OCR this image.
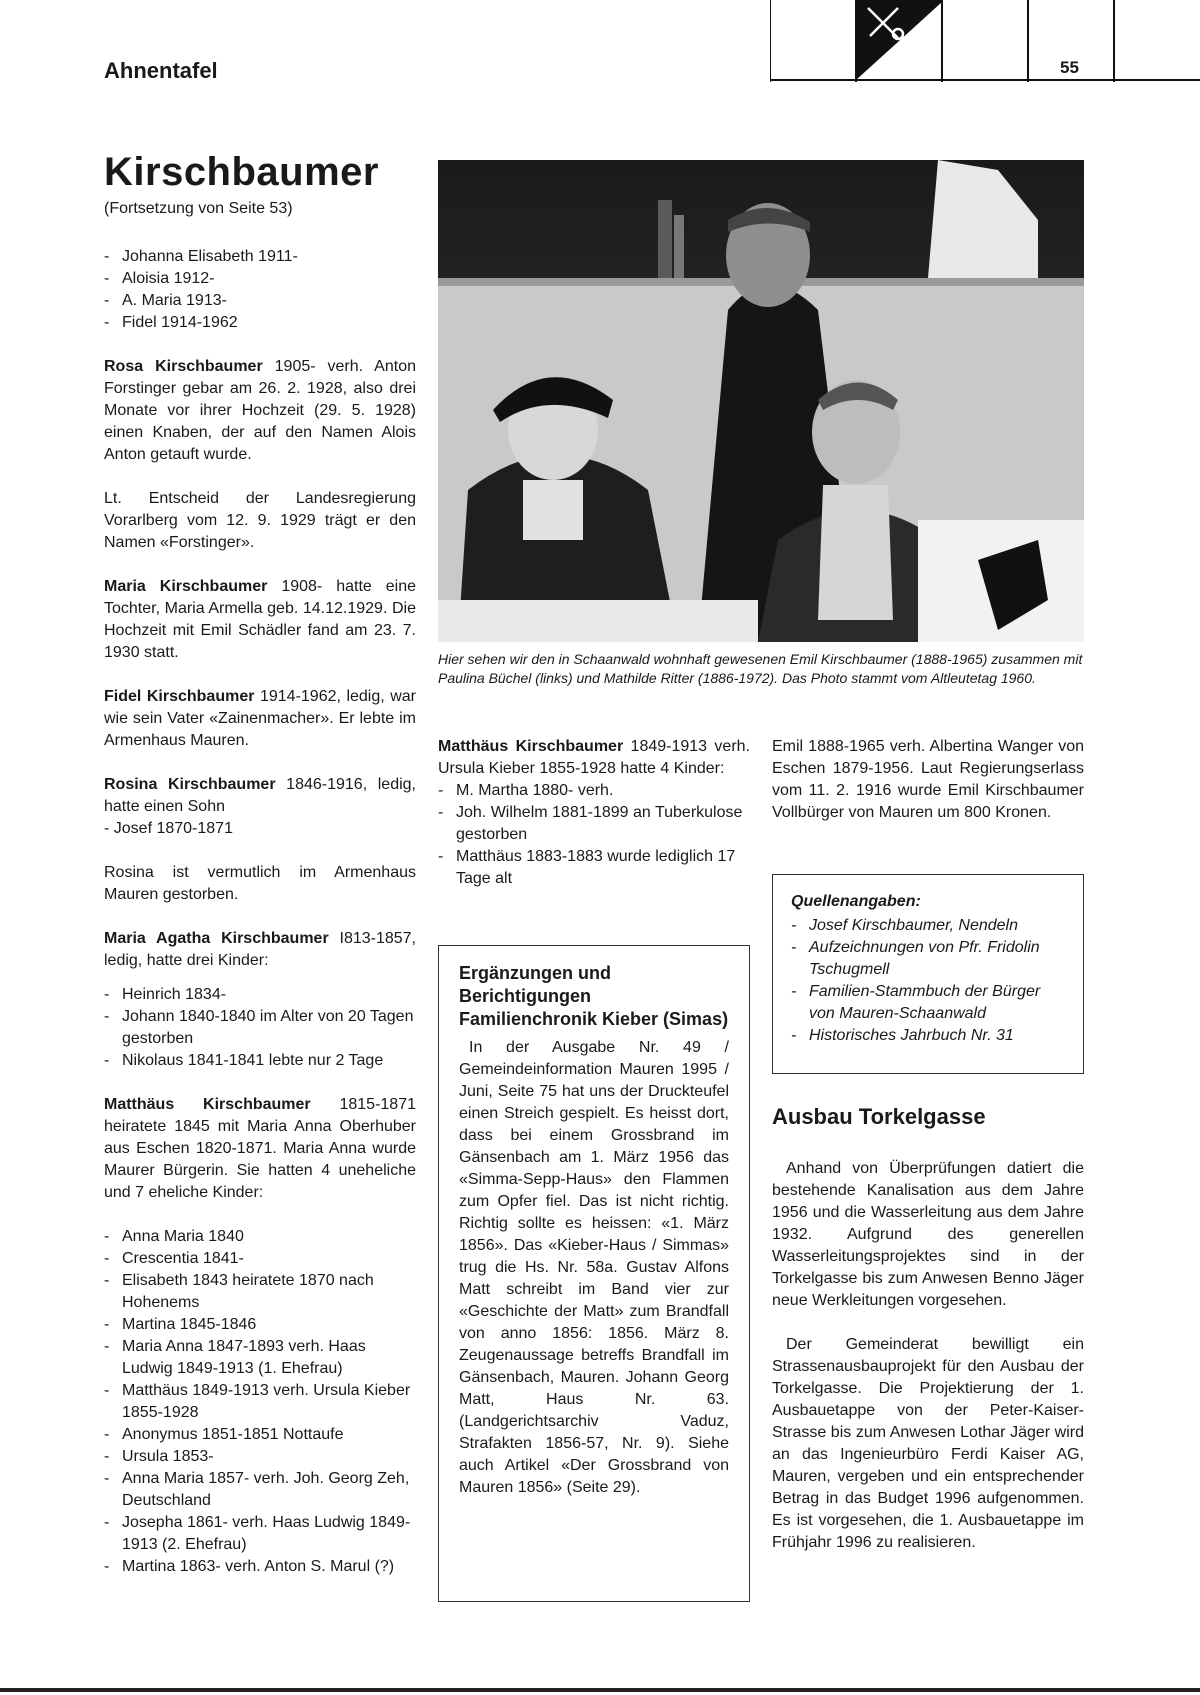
Ahnentafel	55
Kirschbaumer
(Fortsetzung von Seite 53)
- Johanna Elisabeth 1911-
- Aloisia 1912-
- A. Maria 1913-
- Fidel 1914-1962

Rosa Kirschbaumer 1905- verh. Anton Forstinger gebar am 26. 2. 1928, also drei Monate vor ihrer Hochzeit (29. 5. 1928) einen Knaben, der auf den Namen Alois Anton getauft wurde.

Lt. Entscheid der Landesregierung Vorarlberg vom 12. 9. 1929 trägt er den Namen «Forstinger».

Maria Kirschbaumer 1908- hatte eine Tochter, Maria Armella geb. 14.12.1929. Die Hochzeit mit Emil Schädler fand am 23. 7. 1930 statt.

Fidel Kirschbaumer 1914-1962, ledig, war wie sein Vater «Zainenmacher». Er lebte im Armenhaus Mauren.

Rosina Kirschbaumer 1846-1916, ledig, hatte einen Sohn
- Josef 1870-1871

Rosina ist vermutlich im Armenhaus Mauren gestorben.

Maria Agatha Kirschbaumer I813-1857, ledig, hatte drei Kinder:

- Heinrich 1834-
- Johann 1840-1840 im Alter von 20 Tagen gestorben
- Nikolaus 1841-1841 lebte nur 2 Tage

Matthäus Kirschbaumer 1815-1871 heiratete 1845 mit Maria Anna Oberhuber aus Eschen 1820-1871. Maria Anna wurde Maurer Bürgerin. Sie hatten 4 uneheliche und 7 eheliche Kinder:

- Anna Maria 1840
- Crescentia 1841-
- Elisabeth 1843 heiratete 1870 nach Hohenems
- Martina 1845-1846
- Maria Anna 1847-1893 verh. Haas Ludwig 1849-1913 (1. Ehefrau)
- Matthäus 1849-1913 verh. Ursula Kieber 1855-1928
- Anonymus 1851-1851 Nottaufe
- Ursula 1853-
- Anna Maria 1857- verh. Joh. Georg Zeh, Deutschland
- Josepha 1861- verh. Haas Ludwig 1849-1913 (2. Ehefrau)
- Martina 1863- verh. Anton S. Marul (?)
Hier sehen wir den in Schaanwald wohnhaft gewesenen Emil Kirschbaumer (1888-1965) zusammen mit Paulina Büchel (links) und Mathilde Ritter (1886-1972). Das Photo stammt vom Altleutetag 1960.

Matthäus Kirschbaumer 1849-1913 verh. Ursula Kieber 1855-1928 hatte 4 Kinder:

- M. Martha 1880- verh.
- Joh. Wilhelm 1881-1899 an Tuberkulose gestorben
- Matthäus 1883-1883 wurde lediglich 17 Tage alt
Ergänzungen und Berichtigungen Familienchronik Kieber (Simas)

In der Ausgabe Nr. 49 / Gemeindeinformation Mauren 1995 / Juni, Seite 75 hat uns der Druckteufel einen Streich gespielt. Es heisst dort, dass bei einem Grossbrand im Gänsenbach am 1. März 1956 das «Simma-Sepp-Haus» den Flammen zum Opfer fiel. Das ist nicht richtig. Richtig sollte es heissen: «1. März 1856». Das «Kieber-Haus / Simmas» trug die Hs. Nr. 58a. Gustav Alfons Matt schreibt im Band vier zur «Geschichte der Matt» zum Brandfall von anno 1856: 1856. März 8. Zeugenaussage betreffs Brandfall im Gänsenbach, Mauren. Johann Georg Matt, Haus Nr. 63. (Landgerichtsarchiv Vaduz, Strafakten 1856-57, Nr. 9). Siehe auch Artikel «Der Grossbrand von Mauren 1856» (Seite 29).

Emil 1888-1965 verh. Albertina Wanger von Eschen 1879-1956. Laut Regierungserlass vom 11. 2. 1916 wurde Emil Kirschbaumer Vollbürger von Mauren um 800 Kronen.

Quellenangaben:
- Josef Kirschbaumer, Nendeln
- Aufzeichnungen von Pfr. Fridolin Tschugmell
- Familien-Stammbuch der Bürger von Mauren-Schaanwald
- Historisches Jahrbuch Nr. 31
Ausbau Torkelgasse

Anhand von Überprüfungen datiert die bestehende Kanalisation aus dem Jahre 1956 und die Wasserleitung aus dem Jahre 1932. Aufgrund des generellen Wasserleitungsprojektes sind in der Torkelgasse bis zum Anwesen Benno Jäger neue Werkleitungen vorgesehen.

Der Gemeinderat bewilligt ein Strassenausbauprojekt für den Ausbau der Torkelgasse. Die Projektierung der 1. Ausbauetappe von der Peter-Kaiser-Strasse bis zum Anwesen Lothar Jäger wird an das Ingenieurbüro Ferdi Kaiser AG, Mauren, vergeben und ein entsprechender Betrag in das Budget 1996 aufgenommen. Es ist vorgesehen, die 1. Ausbauetappe im Frühjahr 1996 zu realisieren.
